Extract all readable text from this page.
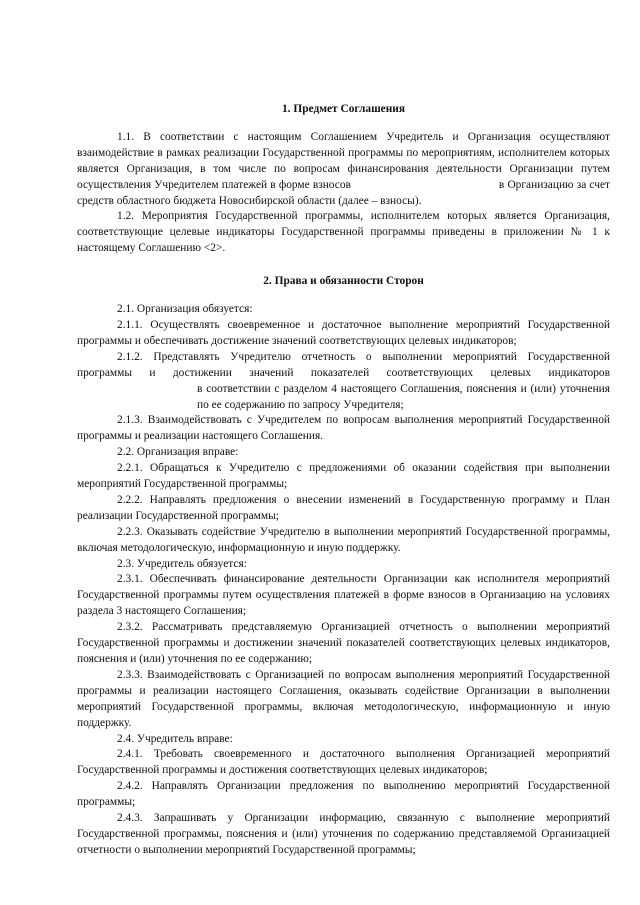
1. Предмет Соглашения

1.1. В соответствии с настоящим Соглашением Учредитель и Организация осуществляют взаимодействие в рамках реализации Государственной программы по мероприятиям, исполнителем которых является Организация, в том числе по вопросам финансирования деятельности Организации путем осуществления Учредителем платежей в форме взносов	в Организацию за счет средств областного бюджета Новосибирской области (далее – взносы).

1.2. Мероприятия Государственной программы, исполнителем которых является Организация, соответствующие целевые индикаторы Государственной программы приведены в приложении № 1 к настоящему Соглашению <2>.

2. Права и обязанности Сторон

2.1. Организация обязуется:

2.1.1. Осуществлять своевременное и достаточное выполнение мероприятий Государственной программы и обеспечивать достижение значений соответствующих целевых индикаторов;

2.1.2. Представлять Учредителю отчетность о выполнении мероприятий Государственной программы и достижении значений показателей соответствующих целевых индикаторовв соответствии с разделом 4 настоящего Соглашения, пояснения и (или) уточненияпо ее содержанию по запросу Учредителя;

2.1.3. Взаимодействовать с Учредителем по вопросам выполнения мероприятий Государственной программы и реализации настоящего Соглашения.

2.2. Организация вправе:

2.2.1. Обращаться к Учредителю с предложениями об оказании содействия при выполнении мероприятий Государственной программы;

2.2.2. Направлять предложения о внесении изменений в Государственную программу и План реализации Государственной программы;

2.2.3. Оказывать содействие Учредителю в выполнении мероприятий Государственной программы, включая методологическую, информационную и иную поддержку.

2.3. Учредитель обязуется:

2.3.1. Обеспечивать финансирование деятельности Организации как исполнителя мероприятий Государственной программы путем осуществления платежей в форме взносов в Организацию на условиях раздела 3 настоящего Соглашения;

2.3.2. Рассматривать представляемую Организацией отчетность о выполнении мероприятий Государственной программы и достижении значений показателей соответствующих целевых индикаторов, пояснения и (или) уточнения по ее содержанию;

2.3.3. Взаимодействовать с Организацией по вопросам выполнения мероприятий Государственной программы и реализации настоящего Соглашения, оказывать содействие Организации в выполнении мероприятий Государственной программы, включая методологическую, информационную и иную поддержку.

2.4. Учредитель вправе:

2.4.1. Требовать своевременного и достаточного выполнения Организацией мероприятий Государственной программы и достижения соответствующих целевых индикаторов;

2.4.2. Направлять Организации предложения по выполнению мероприятий Государственной программы;

2.4.3. Запрашивать у Организации информацию, связанную с выполнение мероприятий Государственной программы, пояснения и (или) уточнения по содержанию представляемой Организацией отчетности о выполнении мероприятий Государственной программы;
